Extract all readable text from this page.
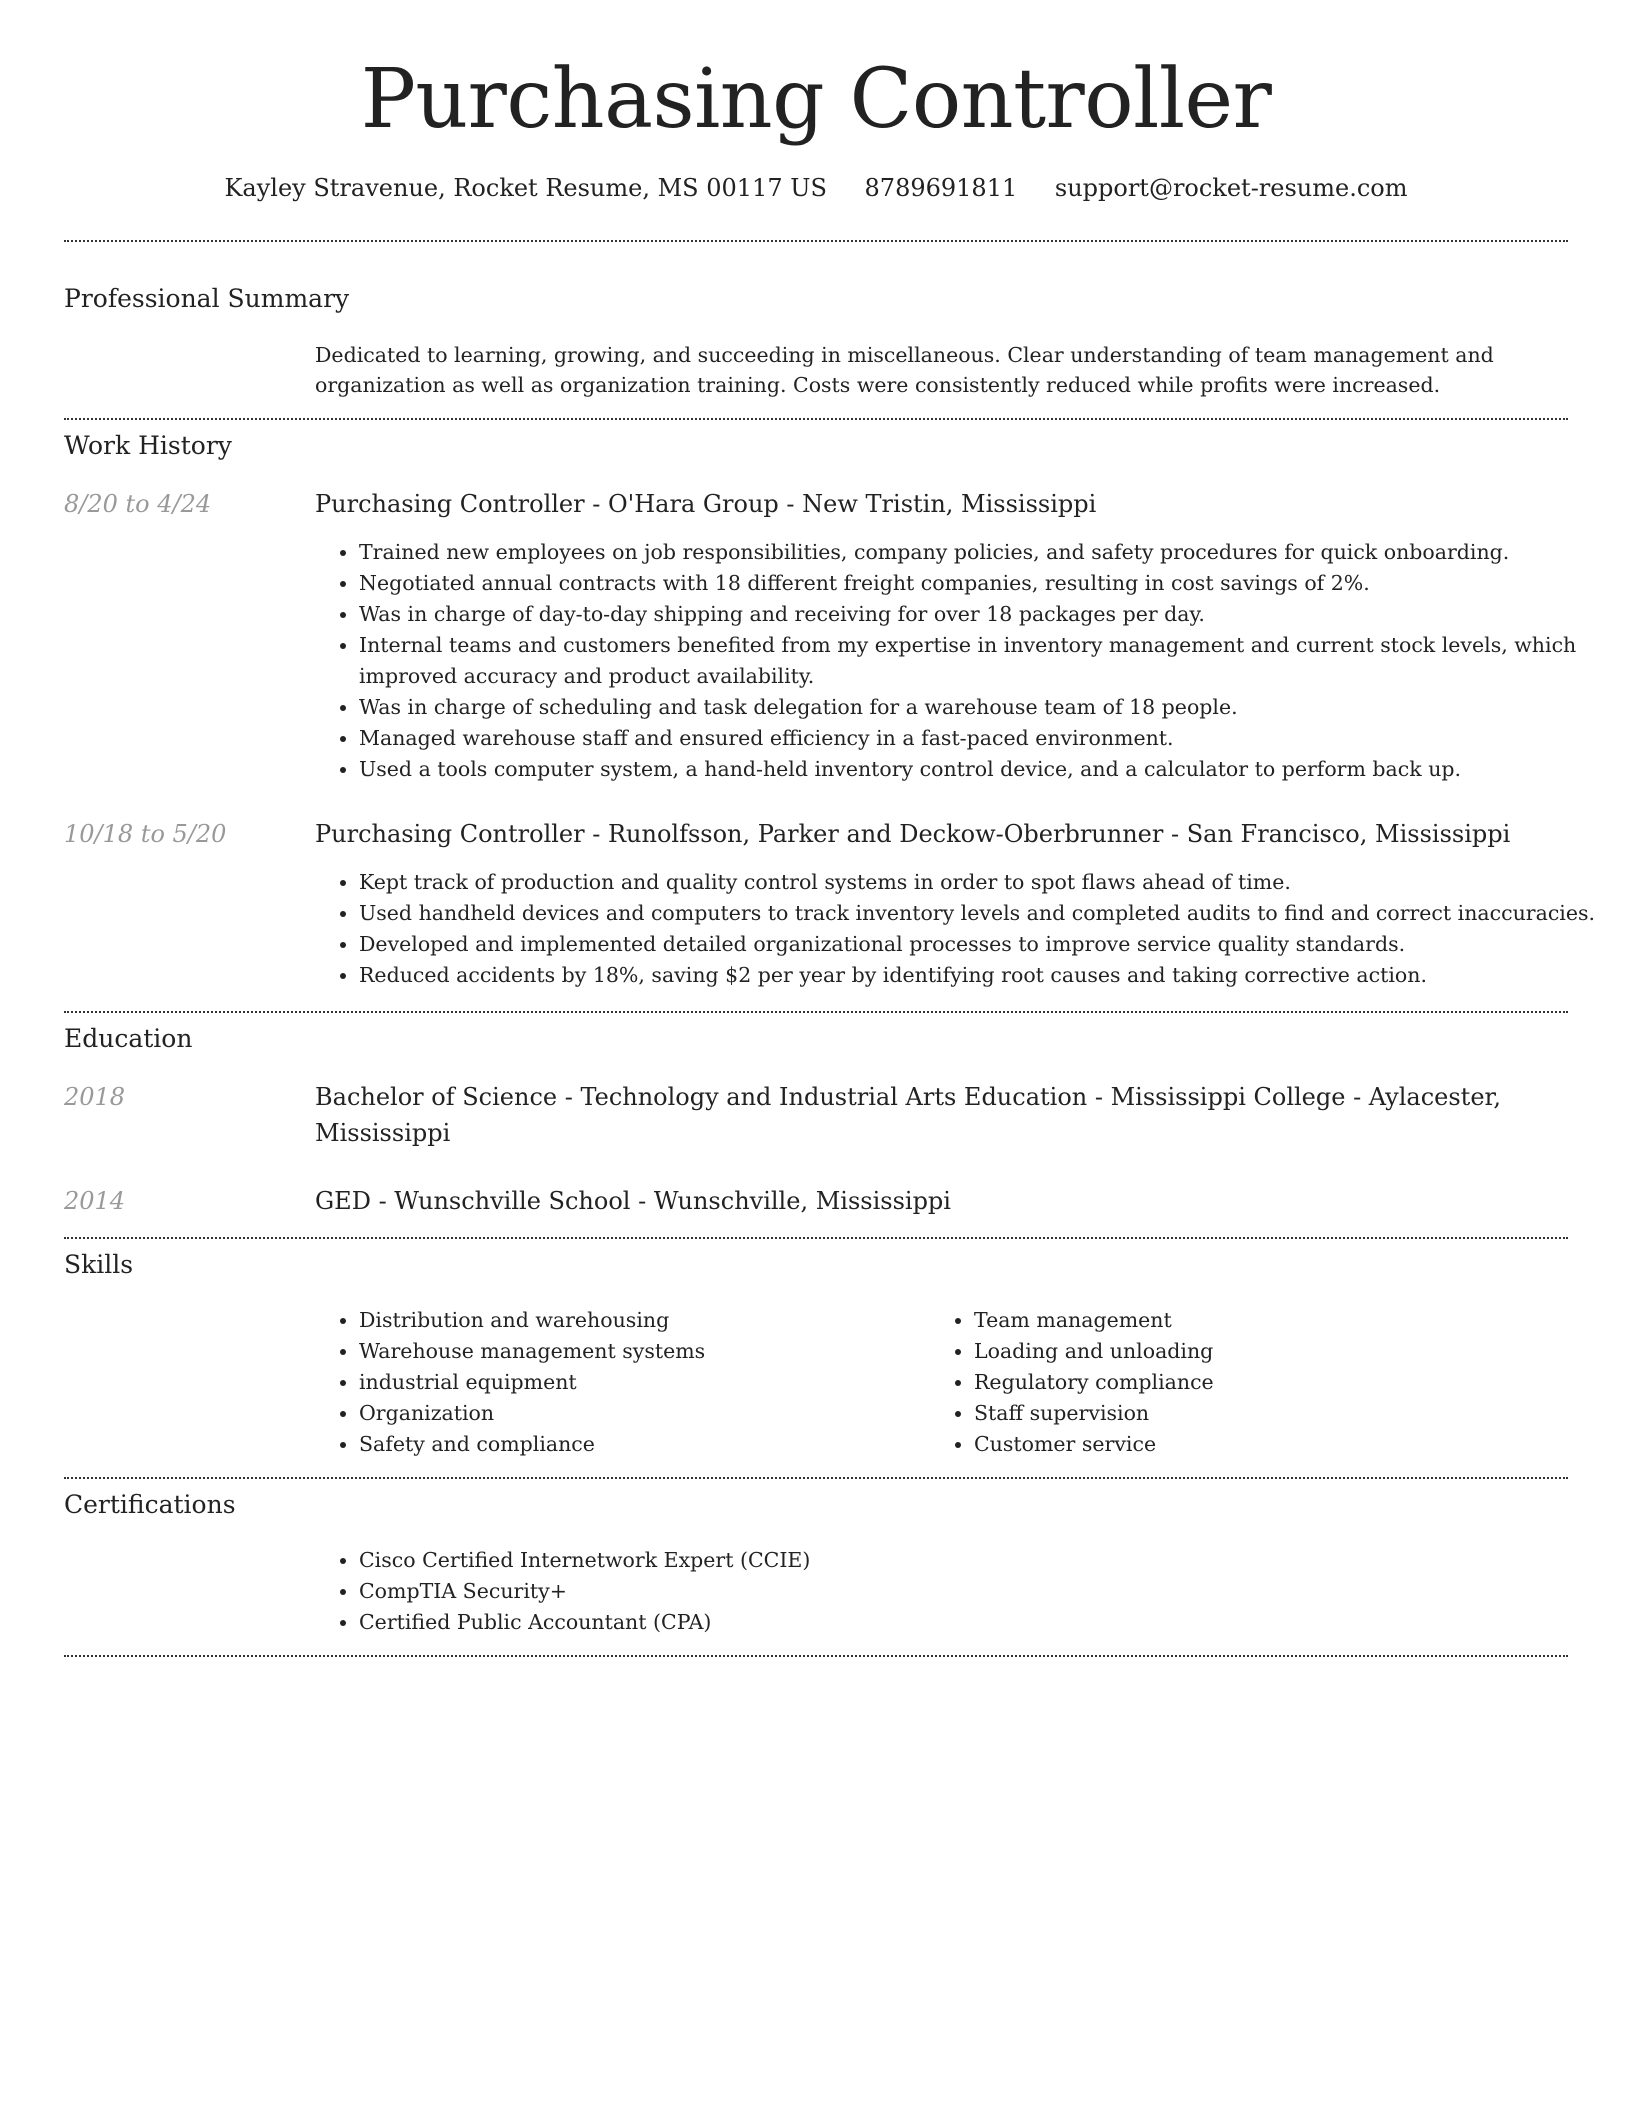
Purchasing Controller
Kayley Stravenue, Rocket Resume, MS 00117 US 8789691811 support@rocket-resume.com
Professional Summary

Dedicated to learning, growing, and succeeding in miscellaneous. Clear understanding of team management and organization as well as organization training. Costs were consistently reduced while profits were increased.

Work History
8/20 to 4/24	Purchasing Controller - O'Hara Group - New Tristin, Mississippi
• Trained new employees on job responsibilities, company policies, and safety procedures for quick onboarding.
• Negotiated annual contracts with 18 different freight companies, resulting in cost savings of 2%.
• Was in charge of day-to-day shipping and receiving for over 18 packages per day.
• Internal teams and customers benefited from my expertise in inventory management and current stock levels, which improved accuracy and product availability.
• Was in charge of scheduling and task delegation for a warehouse team of 18 people.
• Managed warehouse staff and ensured efficiency in a fast-paced environment.
• Used a tools computer system, a hand-held inventory control device, and a calculator to perform back up.
10/18 to 5/20	Purchasing Controller - Runolfsson, Parker and Deckow-Oberbrunner - San Francisco, Mississippi
• Kept track of production and quality control systems in order to spot flaws ahead of time.
• Used handheld devices and computers to track inventory levels and completed audits to find and correct inaccuracies.
• Developed and implemented detailed organizational processes to improve service quality standards.
• Reduced accidents by 18%, saving $2 per year by identifying root causes and taking corrective action.
Education
2018	Bachelor of Science - Technology and Industrial Arts Education - Mississippi College - Aylacester, Mississippi
2014	GED - Wunschville School - Wunschville, Mississippi
Skills
• Distribution and warehousing
• Warehouse management systems
• industrial equipment
• Organization
• Safety and compliance
• Team management
• Loading and unloading
• Regulatory compliance
• Staff supervision
• Customer service
Certifications
• Cisco Certified Internetwork Expert (CCIE)
• CompTIA Security+
• Certified Public Accountant (CPA)
